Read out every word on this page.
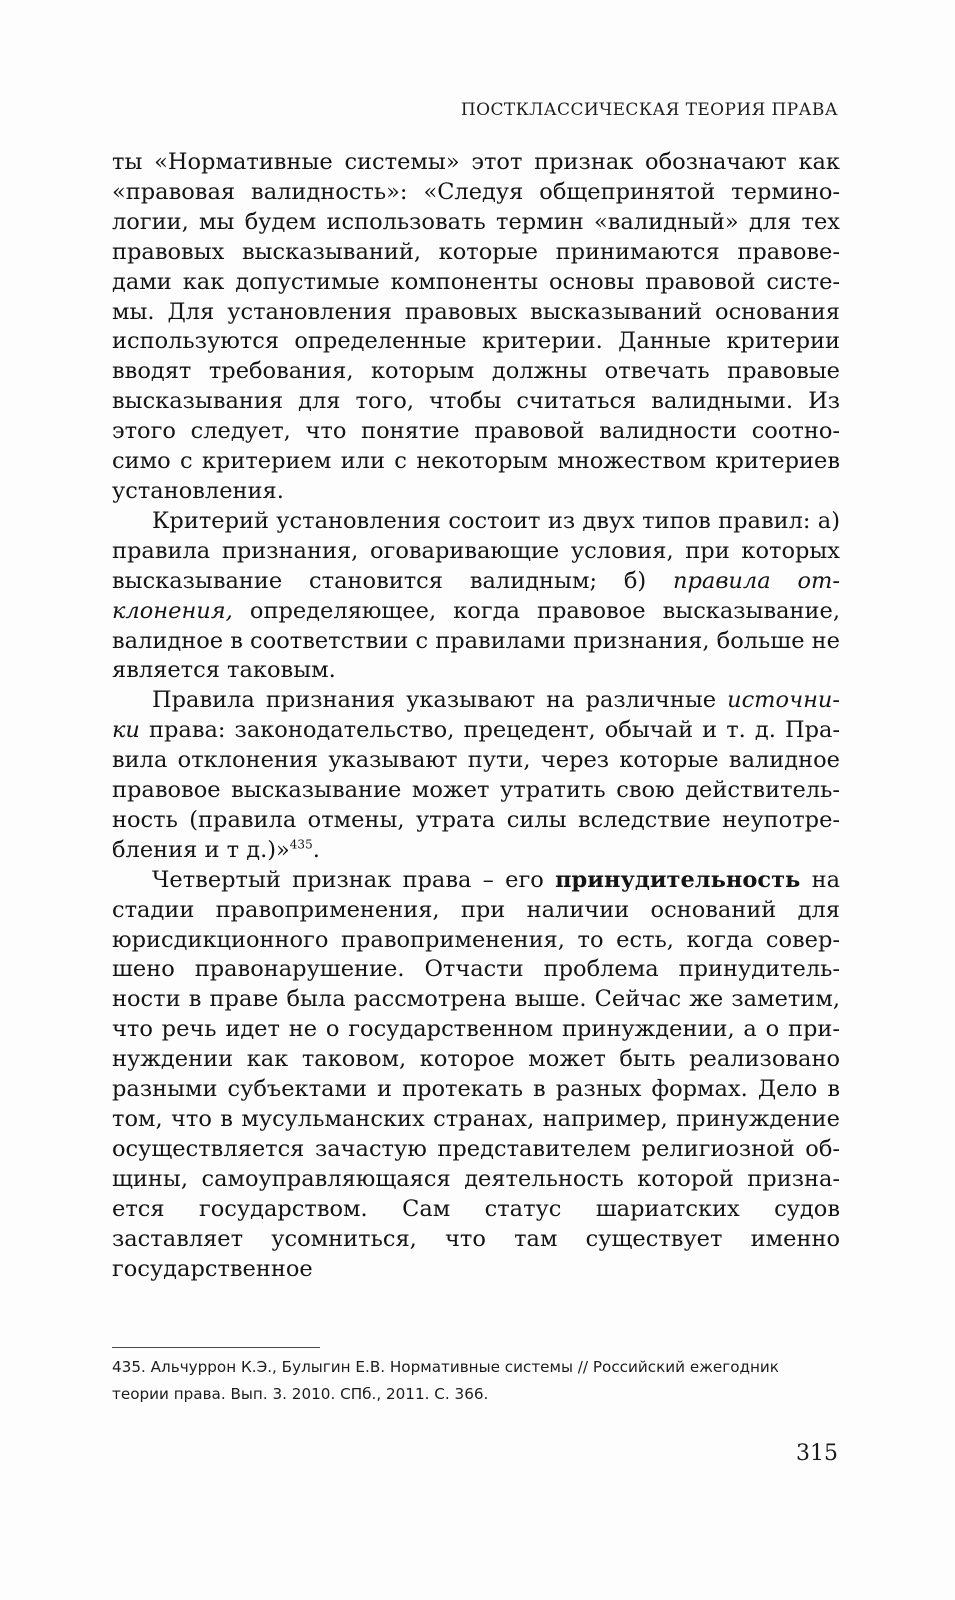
ПОСТКЛАССИЧЕСКАЯ ТЕОРИЯ ПРАВА

ты «Нормативные системы» этот признак обозначают как «правовая валидность»: «Следуя общепринятой терминологии, мы будем использовать термин «валидный» для тех правовых высказываний, которые принимаются правоведами как допустимые компоненты основы правовой системы. Для установления правовых высказываний основания используются определенные критерии. Данные критерии вводят требования, которым должны отвечать правовые высказывания для того, чтобы считаться валидными. Из этого следует, что понятие правовой валидности соотносимо с критерием или с некоторым множеством критериев установления.

Критерий установления состоит из двух типов правил: а) правила признания, оговаривающие условия, при которых высказывание становится валидным; б) правила отклонения, определяющее, когда правовое высказывание, валидное в соответствии с правилами признания, больше не является таковым.

Правила признания указывают на различные источники права: законодательство, прецедент, обычай и т. д. Правила отклонения указывают пути, через которые валидное правовое высказывание может утратить свою действительность (правила отмены, утрата силы вследствие неупотребления и т д.)»$^{435}$.

Четвертый признак права – его принудительность на стадии правоприменения, при наличии оснований для юрисдикционного правоприменения, то есть, когда совершено правонарушение. Отчасти проблема принудительности в праве была рассмотрена выше. Сейчас же заметим, что речь идет не о государственном принуждении, а о принуждении как таковом, которое может быть реализовано разными субъектами и протекать в разных формах. Дело в том, что в мусульманских странах, например, принуждение осуществляется зачастую представителем религиозной общины, самоуправляющаяся деятельность которой признается государством. Сам статус шариатских судов заставляет усомниться, что там существует именно государственное

435. Альчуррон К.Э., Булыгин Е.В. Нормативные системы // Российский ежегодник теории права. Вып. 3. 2010. СПб., 2011. С. 366.
315
